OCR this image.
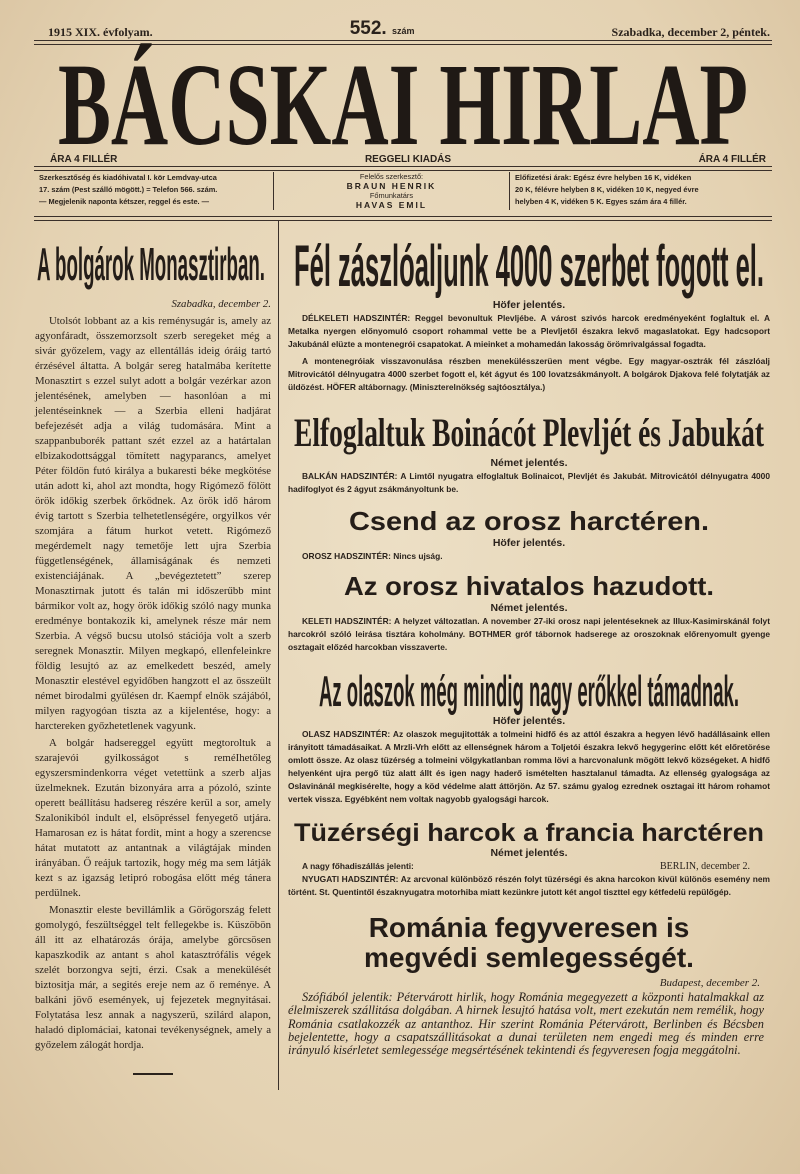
1915 XIX. évfolyam.	552. szám	Szabadka, december 2, péntek.
BÁCSKAI HIRLAP
ÁRA 4 FILLÉR	REGGELI KIADÁS	ÁRA 4 FILLÉR
Szerkesztőség és kiadóhivatal I. kör Lemdvay-utca
17. szám (Pest szálló mögött.) = Telefon 566. szám.
— Megjelenik naponta kétszer, reggel és este. —
Felelős szerkesztő:
BRAUN HENRIK
Főmunkatárs
HAVAS EMIL
Előfizetési árak: Egész évre helyben 16 K, vidéken
20 K, félévre helyben 8 K, vidéken 10 K, negyed évre
helyben 4 K, vidéken 5 K. Egyes szám ára 4 fillér.
A bolgárok Monasztirban.
Szabadka, december 2.

Utolsót lobbant az a kis reménysugár is, amely az agyonfáradt, összemorzsolt szerb seregeket még a sivár győzelem, vagy az ellentállás ideig óráig tartó érzésével áltatta. A bolgár sereg hatalmába kerítette Monasztirt s ezzel sulyt adott a bolgár vezérkar azon jelentésének, amelyben — hasonlóan a mi jelentéseinknek — a Szerbia elleni hadjárat befejezését adja a világ tudomására. Mint a szappanbuborék pattant szét ezzel az a határtalan elbizakodottsággal tömített nagyparancs, amelyet Péter földön futó királya a bukaresti béke megkötése után adott ki, ahol azt mondta, hogy Rigómező fölött örök időkig szerbek őrködnek. Az örök idő három évig tartott s Szerbia telhetetlenségére, orgyilkos vér szomjára a fátum hurkot vetett. Rigómező megérdemelt nagy temetője lett ujra Szerbia függetlenségének, államiságának és nemzeti existenciájának. A „bevégeztetett” szerep Monasztirnak jutott és talán mi időszerűbb mint bármikor volt az, hogy örök időkig szóló nagy munka eredménye bontakozik ki, amelynek része már nem Szerbia. A végső bucsu utolsó stációja volt a szerb seregnek Monasztir. Milyen megkapó, ellenfeleinkre földig lesujtó az az emelkedett beszéd, amely Monasztir elestével egyidőben hangzott el az összeült német birodalmi gyülésen dr. Kaempf elnök szájából, milyen ragyogóan tiszta az a kijelentése, hogy: a harctereken győzhetetlenek vagyunk.

A bolgár hadsereggel együtt megtoroltuk a szarajevói gyilkosságot s reméIhetőleg egyszersmindenkorra véget vetettünk a szerb aljas üzelmeknek. Ezután bizonyára arra a pózoló, szinte operett beállításu hadsereg részére kerül a sor, amely Szalonikiból indult el, elsöpréssel fenyegető utjára. Hamarosan ez is hátat fordit, mint a hogy a szerencse hátat mutatott az antantnak a világtájak minden irányában. Ő reájuk tartozik, hogy még ma sem látják kezt s az igazság letipró robogása előtt még tánera perdülnek.

Monasztir eleste bevillámlik a Görögország felett gomolygó, feszültséggel telt fellegekbe is. Küszöbön áll itt az elhatározás órája, amelybe görcsösen kapaszkodik az antant s ahol katasztrófális végek szelét borzongva sejti, érzi. Csak a menekülését biztositja már, a segités ereje nem az ő reménye. A balkáni jövő események, uj fejezetek megnyitásai. Folytatása lesz annak a nagyszerü, szilárd alapon, haladó diplomáciai, katonai tevékenységnek, amely a győzelem zálogát hordja.

Fél zászlóaljunk 4000 szerbet fogott el.
Höfer jelentés.

DÉLKELETI HADSZINTÉR: Reggel bevonultuk Plevljébe. A várost szivós harcok eredményeként foglaltuk el. A Metalka nyergen előnyomuló csoport rohammal vette be a Plevljetől északra lekvő magaslatokat. Egy hadcsoport Jakubánál elüzte a montenegrói csapatokat. A mieinket a mohamedán lakosság örömrivalgással fogadta.

A montenegróiak visszavonulása részben menekülésszerüen ment végbe. Egy magyar-osztrák fél zászlóalj Mitrovicától délnyugatra 4000 szerbet fogott el, két ágyut és 100 lovatzsákmányolt. A bolgárok Djakova felé folytatják az üldözést. HÖFER altábornagy. (Miniszterelnökség sajtóosztálya.)

Elfoglaltuk Boinácót Plevljét és Jabukát
Német jelentés.

BALKÁN HADSZINTÉR: A Limtől nyugatra elfoglaltuk Bolinaicot, Plevljét és Jakubát. Mitrovicától délnyugatra 4000 hadifoglyot és 2 ágyut zsákmányoltunk be.

Csend az orosz harctéren.
Höfer jelentés.

OROSZ HADSZINTÉR: Nincs ujság.

Az orosz hivatalos hazudott.
Német jelentés.

KELETI HADSZINTÉR: A helyzet változatlan. A november 27-iki orosz napi jelentéseknek az Illux-Kasimirskánál folyt harcokról szóló leirása tisztára koholmány. BOTHMER gróf tábornok hadserege az oroszoknak előrenyomult gyenge osztagait előzéd harcokban visszaverte.

Az olaszok még mindig nagy erőkkel támadnak.
Höfer jelentés.

OLASZ HADSZINTÉR: Az olaszok megujitották a tolmeini hidfő és az attól északra a hegyen lévő hadállásaink ellen irányitott támadásaikat. A Mrzli-Vrh előtt az ellenségnek három a Toljetói északra lekvő hegygerinc előtt két előretörése omlott össze. Az olasz tüzérség a tolmeini völgykatlanban romma lövi a harcvonalunk mögött lekvő községeket. A hidfő helyenként ujra pergő tüz alatt állt és igen nagy haderő ismételten hasztalanul támadta. Az ellenség gyalogsága az Oslavinánál megkisérelte, hogy a köd védelme alatt áttörjön. Az 57. számu gyalog ezrednek osztagai itt három rohamot vertek vissza. Egyébként nem voltak nagyobb gyalogsági harcok.

Tüzérségi harcok a francia harctéren
Német jelentés.
A nagy főhadiszállás jelenti:	BERLIN, december 2.

NYUGATI HADSZINTÉR: Az arcvonal különböző részén folyt tüzérségi és akna harcokon kivül különös esemény nem történt. St. Quentintől északnyugatra motorhiba miatt kezünkre jutott két angol tiszttel egy kétfedelü repülőgép.

Románia fegyveresen is megvédi semlegességét.
Budapest, december 2.

Szófiából jelentik: Pétervárott hirlik, hogy Románia megegyezett a központi hatalmakkal az élelmiszerek szállitása dolgában. A hirnek lesujtó hatása volt, mert ezekután nem remélik, hogy Románia csatlakozzék az antanthoz. Hir szerint Románia Pétervárott, Berlinben és Bécsben bejelentette, hogy a csapatszállitásokat a dunai területen nem engedi meg és minden erre irányuló kisérletet semlegessége megsértésének tekintendi és fegyveresen fogja meggátolni.
